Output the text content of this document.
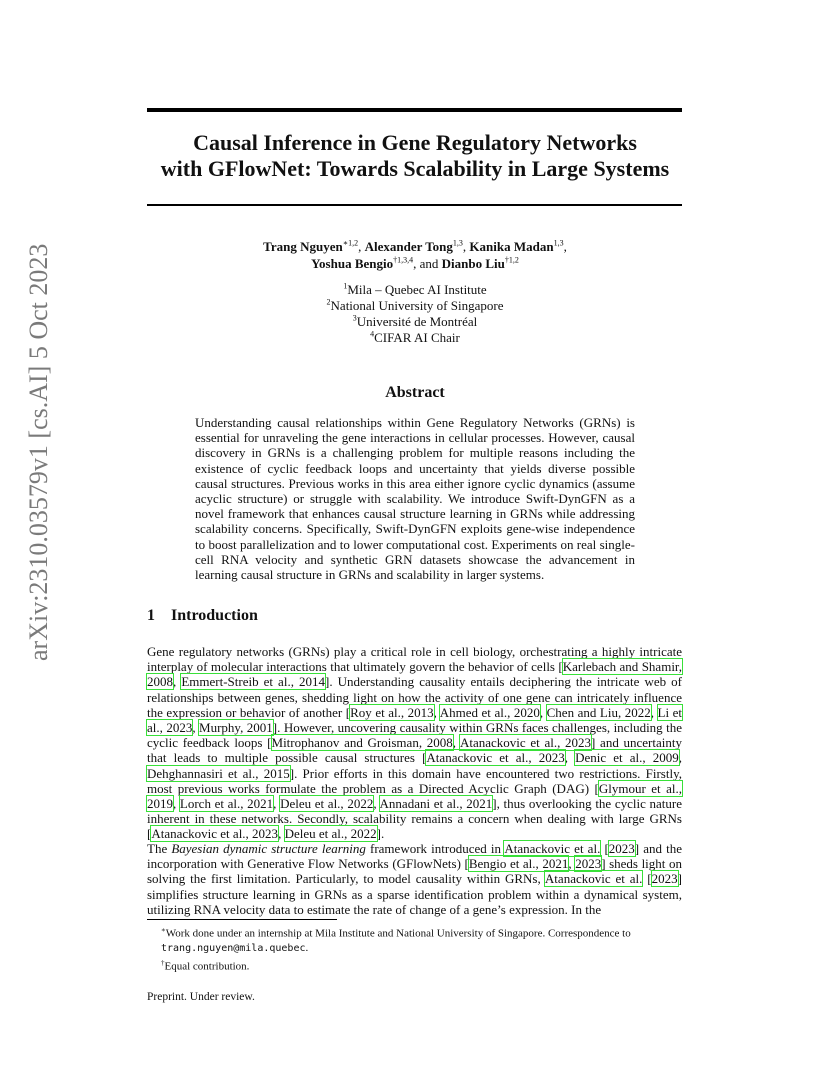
arXiv:2310.03579v1 [cs.AI] 5 Oct 2023
Causal Inference in Gene Regulatory Networks
with GFlowNet: Towards Scalability in Large Systems
Trang Nguyen$^{∗1,2}$, Alexander Tong$^{1,3}$, Kanika Madan$^{1,3}$,
Yoshua Bengio$^{\dagger 1,3,4}$, and Dianbo Liu$^{\dagger 1,2}$
$^1$Mila – Quebec AI Institute
$^2$National University of Singapore
$^3$Université de Montréal
$^4$CIFAR AI Chair
Abstract
Understanding causal relationships within Gene Regulatory Networks (GRNs) is essential for unraveling the gene interactions in cellular processes. However, causal discovery in GRNs is a challenging problem for multiple reasons including the existence of cyclic feedback loops and uncertainty that yields diverse possible causal structures. Previous works in this area either ignore cyclic dynamics (assume acyclic structure) or struggle with scalability. We introduce Swift-DynGFN as a novel framework that enhances causal structure learning in GRNs while addressing scalability concerns. Specifically, Swift-DynGFN exploits gene-wise independence to boost parallelization and to lower computational cost. Experiments on real single-cell RNA velocity and synthetic GRN datasets showcase the advancement in learning causal structure in GRNs and scalability in larger systems.
1 Introduction
Gene regulatory networks (GRNs) play a critical role in cell biology, orchestrating a highly intricate interplay of molecular interactions that ultimately govern the behavior of cells [Karlebach and Shamir, 2008, Emmert-Streib et al., 2014]. Understanding causality entails deciphering the intricate web of relationships between genes, shedding light on how the activity of one gene can intricately influence the expression or behavior of another [Roy et al., 2013, Ahmed et al., 2020, Chen and Liu, 2022, Li et al., 2023, Murphy, 2001]. However, uncovering causality within GRNs faces challenges, including the cyclic feedback loops [Mitrophanov and Groisman, 2008, Atanackovic et al., 2023] and uncertainty that leads to multiple possible causal structures [Atanackovic et al., 2023, Denic et al., 2009, Dehghannasiri et al., 2015]. Prior efforts in this domain have encountered two restrictions. Firstly, most previous works formulate the problem as a Directed Acyclic Graph (DAG) [Glymour et al., 2019, Lorch et al., 2021, Deleu et al., 2022, Annadani et al., 2021], thus overlooking the cyclic nature inherent in these networks. Secondly, scalability remains a concern when dealing with large GRNs [Atanackovic et al., 2023, Deleu et al., 2022].
The Bayesian dynamic structure learning framework introduced in Atanackovic et al. [2023] and the incorporation with Generative Flow Networks (GFlowNets) [Bengio et al., 2021, 2023] sheds light on solving the first limitation. Particularly, to model causality within GRNs, Atanackovic et al. [2023] simplifies structure learning in GRNs as a sparse identification problem within a dynamical system, utilizing RNA velocity data to estimate the rate of change of a gene’s expression. In the

∗Work done under an internship at Mila Institute and National University of Singapore. Correspondence to
trang.nguyen@mila.quebec.

†Equal contribution.

Preprint. Under review.
